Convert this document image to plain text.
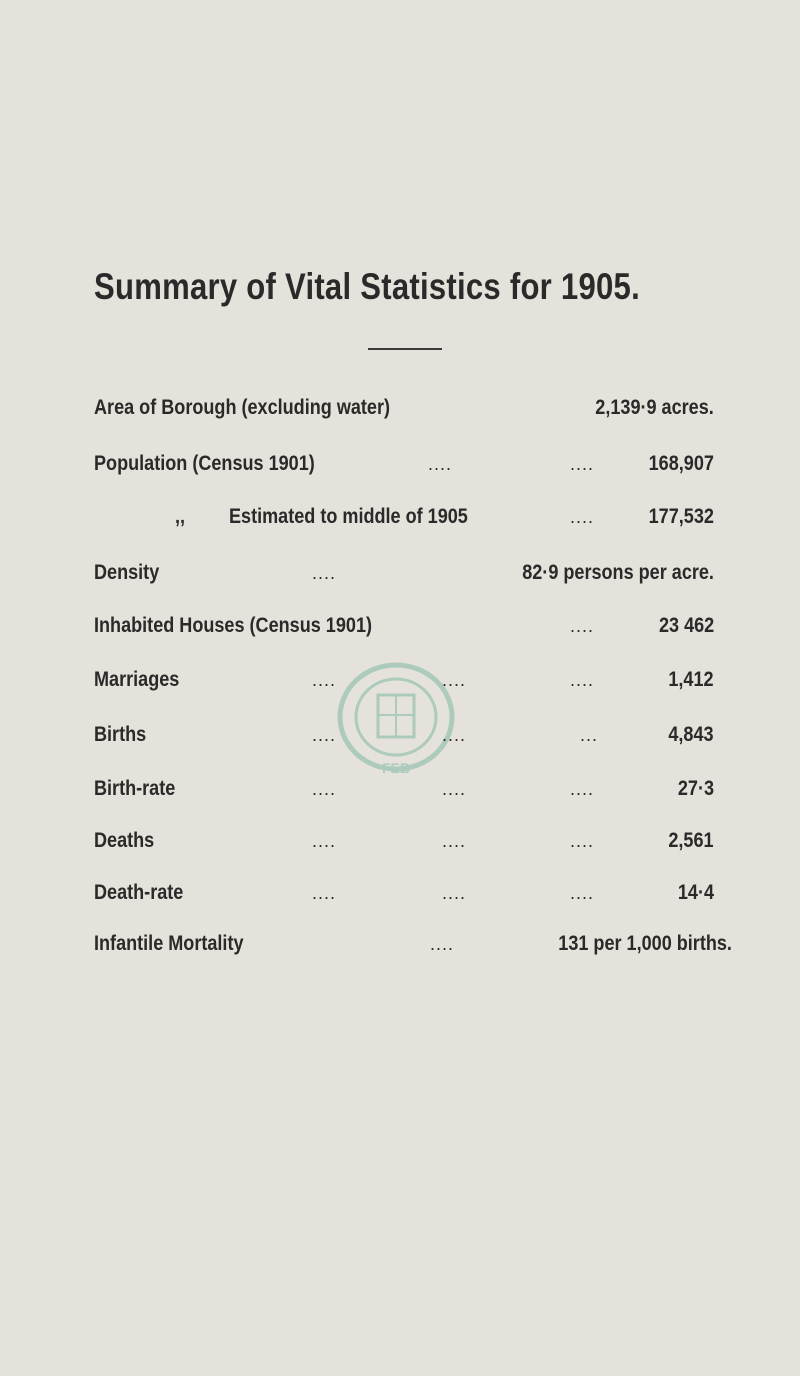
Summary of Vital Statistics for 1905.
FEB
Area of Borough (excluding water)	2,139·9 acres.
Population (Census 1901)	....	....	168,907
,, Estimated to middle of 1905	....	177,532
Density	....	82·9 persons per acre.
Inhabited Houses (Census 1901)	....	23 462
Marriages	....	....	....	1,412
Births	....	....	...	4,843
Birth-rate	....	....	....	27·3
Deaths	....	....	....	2,561
Death-rate	....	....	....	14·4
Infantile Mortality	....	131 per 1,000 births.
